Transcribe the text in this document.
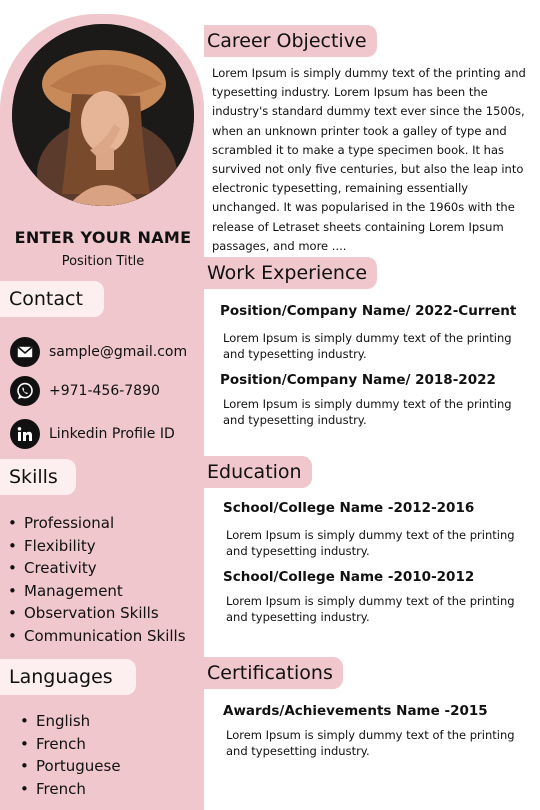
ENTER YOUR NAME
Position Title
Contact
sample@gmail.com
+971-456-7890
Linkedin Profile ID
Skills
• Professional
• Flexibility
• Creativity
• Management
• Observation Skills
• Communication Skills
Languages
• English
• French
• Portuguese
• French
Career Objective

Lorem Ipsum is simply dummy text of the printing and typesetting industry. Lorem Ipsum has been the industry's standard dummy text ever since the 1500s, when an unknown printer took a galley of type and scrambled it to make a type specimen book. It has survived not only five centuries, but also the leap into electronic typesetting, remaining essentially unchanged. It was popularised in the 1960s with the release of Letraset sheets containing Lorem Ipsum passages, and more ....

Work Experience
Position/Company Name/ 2022-Current
Lorem Ipsum is simply dummy text of the printing and typesetting industry.
Position/Company Name/ 2018-2022
Lorem Ipsum is simply dummy text of the printing and typesetting industry.
Education
School/College Name -2012-2016
Lorem Ipsum is simply dummy text of the printing and typesetting industry.
School/College Name -2010-2012
Lorem Ipsum is simply dummy text of the printing and typesetting industry.
Certifications
Awards/Achievements Name -2015
Lorem Ipsum is simply dummy text of the printing and typesetting industry.
